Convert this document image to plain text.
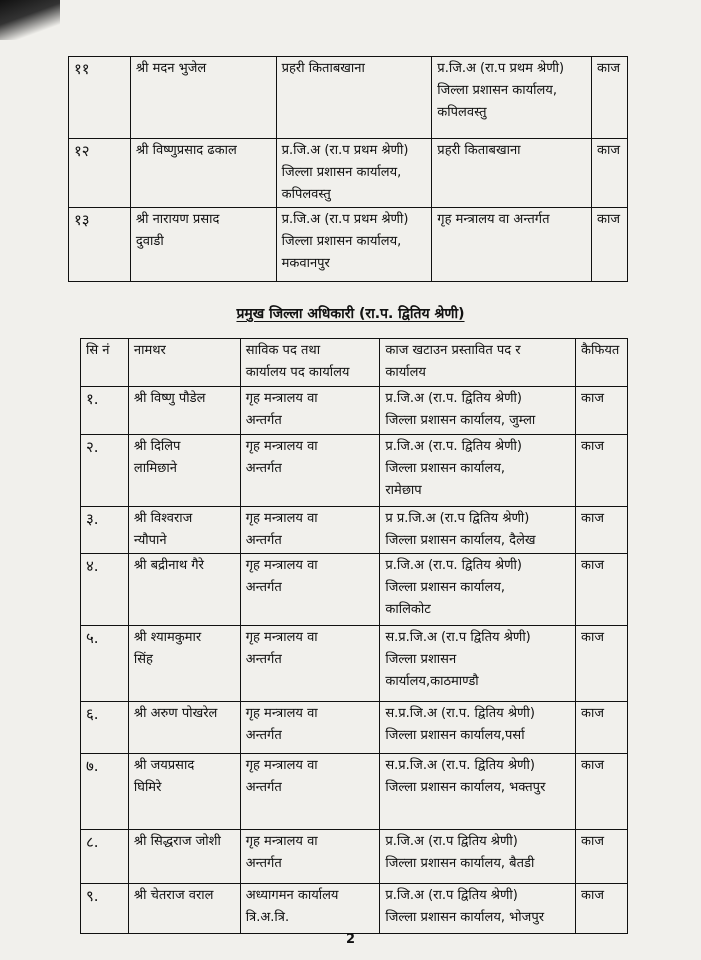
११	श्री मदन भुजेल	प्रहरी किताबखाना	प्र.जि.अ (रा.प प्रथम श्रेणी)
जिल्ला प्रशासन कार्यालय,
कपिलवस्तु	काज
१२	श्री विष्णुप्रसाद ढकाल	प्र.जि.अ (रा.प प्रथम श्रेणी)
जिल्ला प्रशासन कार्यालय,
कपिलवस्तु	प्रहरी किताबखाना	काज
१३	श्री नारायण प्रसाद
दुवाडी	प्र.जि.अ (रा.प प्रथम श्रेणी)
जिल्ला प्रशासन कार्यालय,
मकवानपुर	गृह मन्त्रालय वा अन्तर्गत	काज
प्रमुख जिल्ला अधिकारी (रा.प. द्वितिय श्रेणी)
सि नं	नामथर	साविक पद तथा
कार्यालय पद कार्यालय	काज खटाउन प्रस्तावित पद र
कार्यालय	कैफियत
१.	श्री विष्णु पौडेल	गृह मन्त्रालय वा
अन्तर्गत	प्र.जि.अ (रा.प. द्वितिय श्रेणी)
जिल्ला प्रशासन कार्यालय, जुम्ला	काज
२.	श्री दिलिप
लामिछाने	गृह मन्त्रालय वा
अन्तर्गत	प्र.जि.अ (रा.प. द्वितिय श्रेणी)
जिल्ला प्रशासन कार्यालय,
रामेछाप	काज
३.	श्री विश्वराज
न्यौपाने	गृह मन्त्रालय वा
अन्तर्गत	प्र प्र.जि.अ (रा.प द्वितिय श्रेणी)
जिल्ला प्रशासन कार्यालय, दैलेख	काज
४.	श्री बद्रीनाथ गैरे	गृह मन्त्रालय वा
अन्तर्गत	प्र.जि.अ (रा.प. द्वितिय श्रेणी)
जिल्ला प्रशासन कार्यालय,
कालिकोट	काज
५.	श्री श्यामकुमार
सिंह	गृह मन्त्रालय वा
अन्तर्गत	स.प्र.जि.अ (रा.प द्वितिय श्रेणी)
जिल्ला प्रशासन
कार्यालय,काठमाण्डौ	काज
६.	श्री अरुण पोखरेल	गृह मन्त्रालय वा
अन्तर्गत	स.प्र.जि.अ (रा.प. द्वितिय श्रेणी)
जिल्ला प्रशासन कार्यालय,पर्सा	काज
७.	श्री जयप्रसाद
घिमिरे	गृह मन्त्रालय वा
अन्तर्गत	स.प्र.जि.अ (रा.प. द्वितिय श्रेणी)
जिल्ला प्रशासन कार्यालय, भक्तपुर	काज
८.	श्री सिद्धराज जोशी	गृह मन्त्रालय वा
अन्तर्गत	प्र.जि.अ (रा.प द्वितिय श्रेणी)
जिल्ला प्रशासन कार्यालय, बैतडी	काज
९.	श्री चेतराज वराल	अध्यागमन कार्यालय
त्रि.अ.त्रि.	प्र.जि.अ (रा.प द्वितिय श्रेणी)
जिल्ला प्रशासन कार्यालय, भोजपुर	काज
2
